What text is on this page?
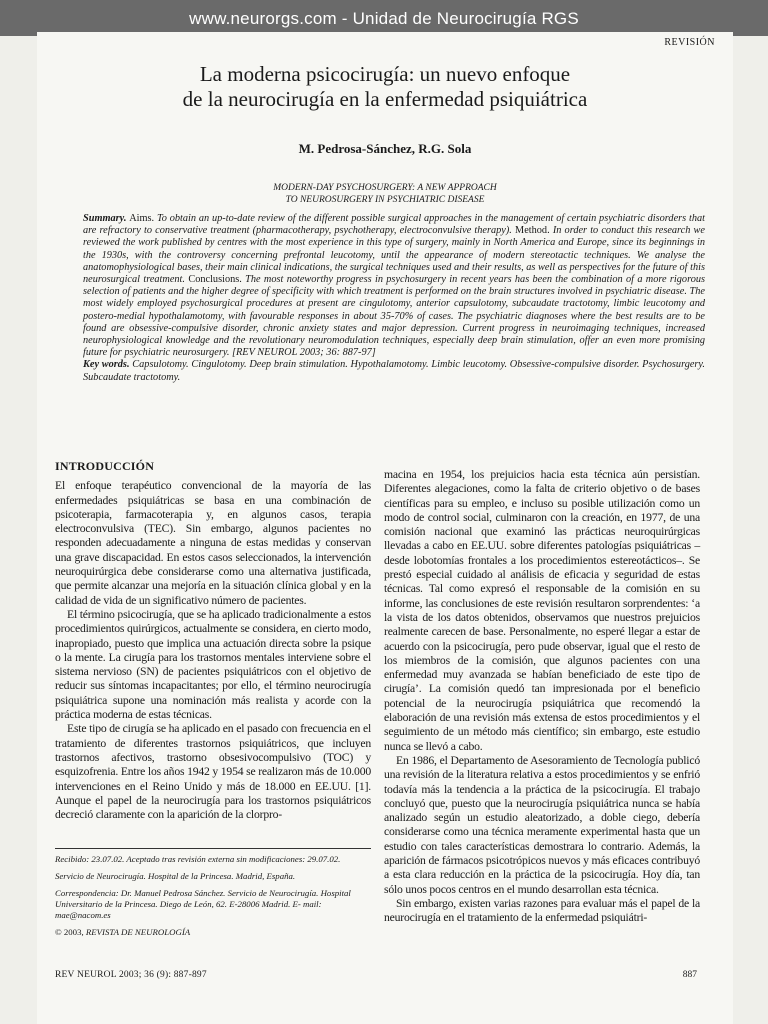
www.neurorgs.com - Unidad de Neurocirugía RGS
REVISIÓN
La moderna psicocirugía: un nuevo enfoque
de la neurocirugía en la enfermedad psiquiátrica
M. Pedrosa-Sánchez, R.G. Sola
MODERN-DAY PSYCHOSURGERY: A NEW APPROACH
TO NEUROSURGERY IN PSYCHIATRIC DISEASE

Summary. Aims. To obtain an up-to-date review of the different possible surgical approaches in the management of certain psychiatric disorders that are refractory to conservative treatment (pharmacotherapy, psychotherapy, electroconvulsive therapy). Method. In order to conduct this research we reviewed the work published by centres with the most experience in this type of surgery, mainly in North America and Europe, since its beginnings in the 1930s, with the controversy concerning prefrontal leucotomy, until the appearance of modern stereotactic techniques. We analyse the anatomophysiological bases, their main clinical indications, the surgical techniques used and their results, as well as perspectives for the future of this neurosurgical treatment. Conclusions. The most noteworthy progress in psychosurgery in recent years has been the combination of a more rigorous selection of patients and the higher degree of specificity with which treatment is performed on the brain structures involved in psychiatric disease. The most widely employed psychosurgical procedures at present are cingulotomy, anterior capsulotomy, subcaudate tractotomy, limbic leucotomy and postero-medial hypothalamotomy, with favourable responses in about 35-70% of cases. The psychiatric diagnoses where the best results are to be found are obsessive-compulsive disorder, chronic anxiety states and major depression. Current progress in neuroimaging techniques, increased neurophysiological knowledge and the revolutionary neuromodulation techniques, especially deep brain stimulation, offer an even more promising future for psychiatric neurosurgery. [REV NEUROL 2003; 36: 887-97]

Key words. Capsulotomy. Cingulotomy. Deep brain stimulation. Hypothalamotomy. Limbic leucotomy. Obsessive-compulsive disorder. Psychosurgery. Subcaudate tractotomy.

INTRODUCCIÓN

El enfoque terapéutico convencional de la mayoría de las enfermedades psiquiátricas se basa en una combinación de psicoterapia, farmacoterapia y, en algunos casos, terapia electroconvulsiva (TEC). Sin embargo, algunos pacientes no responden adecuadamente a ninguna de estas medidas y conservan una grave discapacidad. En estos casos seleccionados, la intervención neuroquirúrgica debe considerarse como una alternativa justificada, que permite alcanzar una mejoría en la situación clínica global y en la calidad de vida de un significativo número de pacientes.

El término psicocirugía, que se ha aplicado tradicionalmente a estos procedimientos quirúrgicos, actualmente se considera, en cierto modo, inapropiado, puesto que implica una actuación directa sobre la psique o la mente. La cirugía para los trastornos mentales interviene sobre el sistema nervioso (SN) de pacientes psiquiátricos con el objetivo de reducir sus síntomas incapacitantes; por ello, el término neurocirugía psiquiátrica supone una nominación más realista y acorde con la práctica moderna de estas técnicas.

Este tipo de cirugía se ha aplicado en el pasado con frecuencia en el tratamiento de diferentes trastornos psiquiátricos, que incluyen trastornos afectivos, trastorno obsesivocompulsivo (TOC) y esquizofrenia. Entre los años 1942 y 1954 se realizaron más de 10.000 intervenciones en el Reino Unido y más de 18.000 en EE.UU. [1]. Aunque el papel de la neurocirugía para los trastornos psiquiátricos decreció claramente con la aparición de la clorpro-

macina en 1954, los prejuicios hacia esta técnica aún persistían. Diferentes alegaciones, como la falta de criterio objetivo o de bases científicas para su empleo, e incluso su posible utilización como un modo de control social, culminaron con la creación, en 1977, de una comisión nacional que examinó las prácticas neuroquirúrgicas llevadas a cabo en EE.UU. sobre diferentes patologías psiquiátricas –desde lobotomías frontales a los procedimientos estereotácticos–. Se prestó especial cuidado al análisis de eficacia y seguridad de estas técnicas. Tal como expresó el responsable de la comisión en su informe, las conclusiones de este revisión resultaron sorprendentes: ‘a la vista de los datos obtenidos, observamos que nuestros prejuicios realmente carecen de base. Personalmente, no esperé llegar a estar de acuerdo con la psicocirugía, pero pude observar, igual que el resto de los miembros de la comisión, que algunos pacientes con una enfermedad muy avanzada se habían beneficiado de este tipo de cirugía’. La comisión quedó tan impresionada por el beneficio potencial de la neurocirugía psiquiátrica que recomendó la elaboración de una revisión más extensa de estos procedimientos y el seguimiento de un método más científico; sin embargo, este estudio nunca se llevó a cabo.

En 1986, el Departamento de Asesoramiento de Tecnología publicó una revisión de la literatura relativa a estos procedimientos y se enfrió todavía más la tendencia a la práctica de la psicocirugía. El trabajo concluyó que, puesto que la neurocirugía psiquiátrica nunca se había analizado según un estudio aleatorizado, a doble ciego, debería considerarse como una técnica meramente experimental hasta que un estudio con tales características demostrara lo contrario. Además, la aparición de fármacos psicotrópicos nuevos y más eficaces contribuyó a esta clara reducción en la práctica de la psicocirugía. Hoy día, tan sólo unos pocos centros en el mundo desarrollan esta técnica.

Sin embargo, existen varias razones para evaluar más el papel de la neurocirugía en el tratamiento de la enfermedad psiquiátri-

Recibido: 23.07.02. Aceptado tras revisión externa sin modificaciones: 29.07.02.

Servicio de Neurocirugía. Hospital de la Princesa. Madrid, España.

Correspondencia: Dr. Manuel Pedrosa Sánchez. Servicio de Neurocirugía. Hospital Universitario de la Princesa. Diego de León, 62. E-28006 Madrid. E- mail: mae@nacom.es

© 2003, REVISTA DE NEUROLOGÍA

REV NEUROL 2003; 36 (9): 887-897	887
